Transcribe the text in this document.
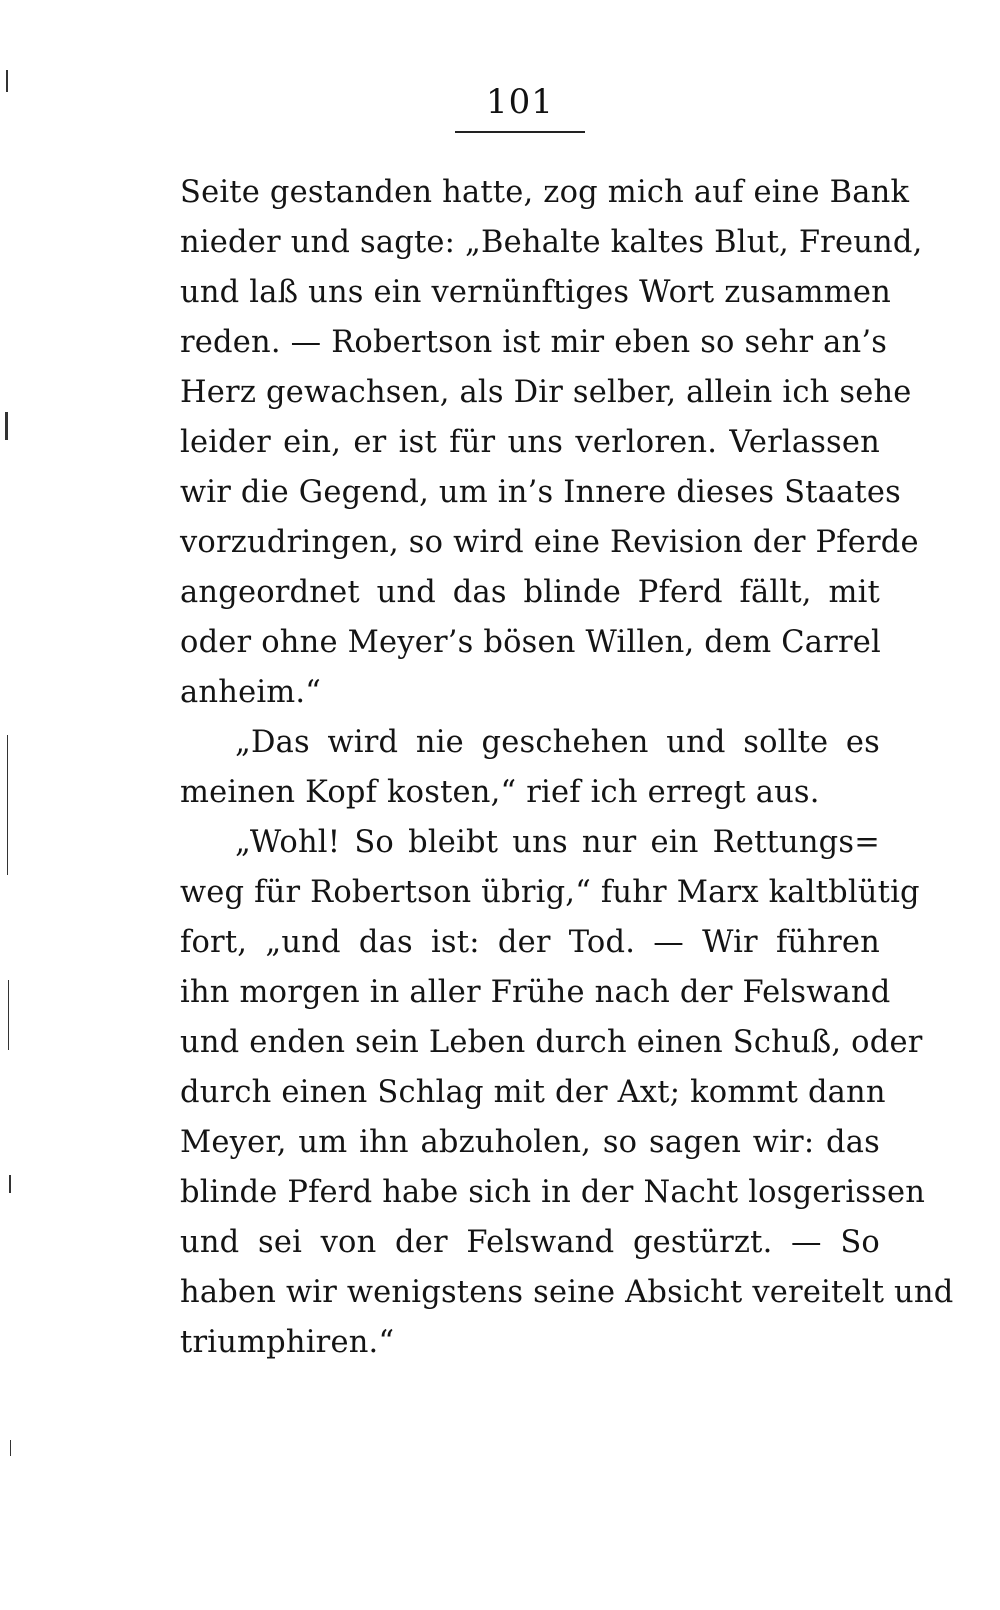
101
Seite gestanden hatte, zog mich auf eine Bank
nieder und sagte: „Behalte kaltes Blut, Freund,
und laß uns ein vernünftiges Wort zusammen
reden. — Robertson ist mir eben so sehr an’s
Herz gewachsen, als Dir selber, allein ich sehe
leider ein, er ist für uns verloren. Verlassen
wir die Gegend, um in’s Innere dieses Staates
vorzudringen, so wird eine Revision der Pferde
angeordnet und das blinde Pferd fällt, mit
oder ohne Meyer’s bösen Willen, dem Carrel
anheim.“
„Das wird nie geschehen und sollte es
meinen Kopf kosten,“ rief ich erregt aus.
„Wohl! So bleibt uns nur ein Rettungs=
weg für Robertson übrig,“ fuhr Marx kaltblütig
fort, „und das ist: der Tod. — Wir führen
ihn morgen in aller Frühe nach der Felswand
und enden sein Leben durch einen Schuß, oder
durch einen Schlag mit der Axt; kommt dann
Meyer, um ihn abzuholen, so sagen wir: das
blinde Pferd habe sich in der Nacht losgerissen
und sei von der Felswand gestürzt. — So
haben wir wenigstens seine Absicht vereitelt und
triumphiren.“
